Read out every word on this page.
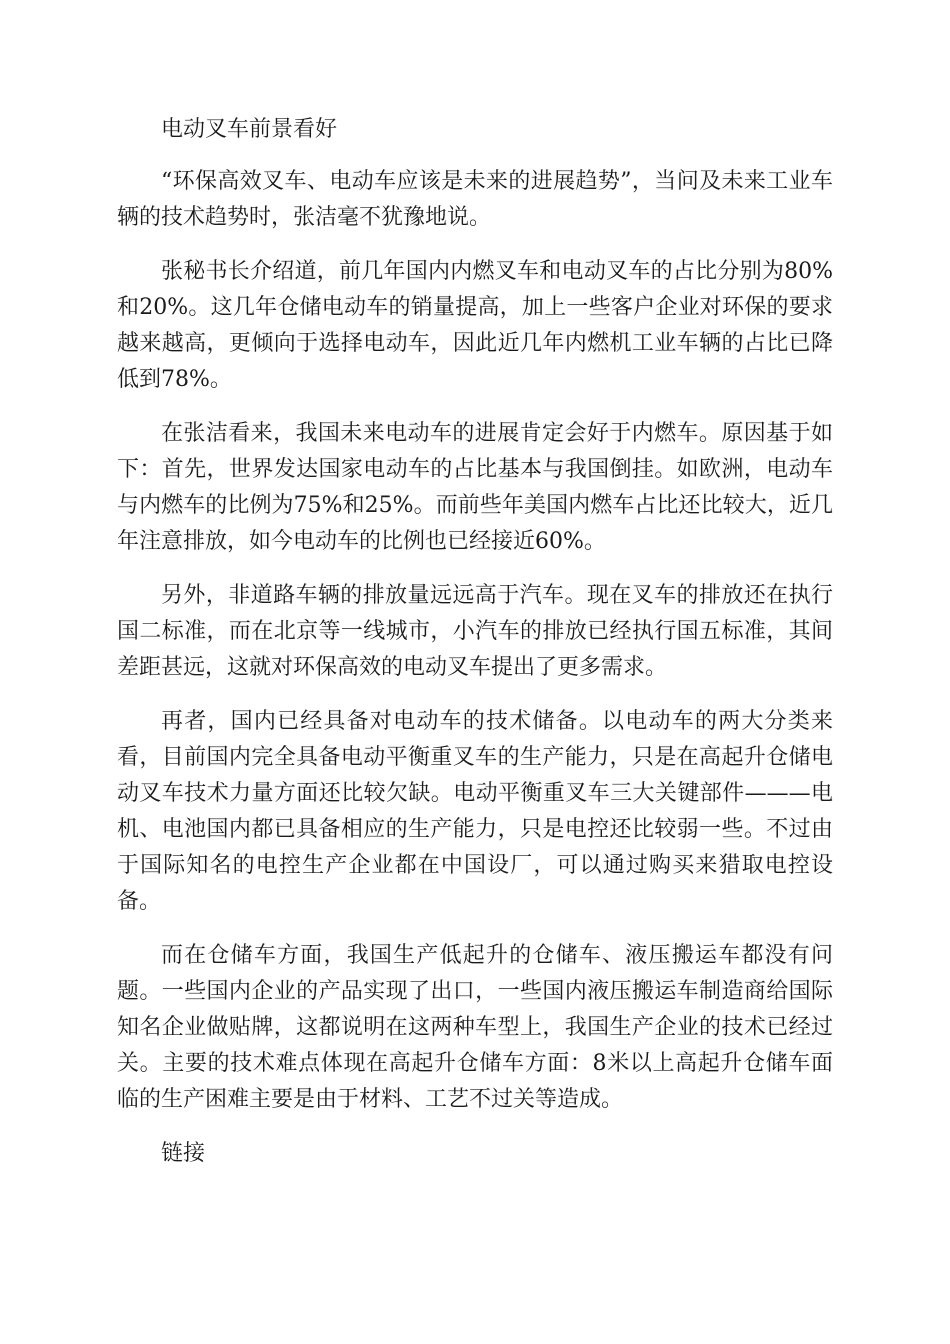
电动叉车前景看好

“环保高效叉车、电动车应该是未来的进展趋势”，当问及未来工业车辆的技术趋势时，张洁毫不犹豫地说。

张秘书长介绍道，前几年国内内燃叉车和电动叉车的占比分别为80%和20%。这几年仓储电动车的销量提高，加上一些客户企业对环保的要求越来越高，更倾向于选择电动车，因此近几年内燃机工业车辆的占比已降低到78%。

在张洁看来，我国未来电动车的进展肯定会好于内燃车。原因基于如下：首先，世界发达国家电动车的占比基本与我国倒挂。如欧洲，电动车与内燃车的比例为75%和25%。而前些年美国内燃车占比还比较大，近几年注意排放，如今电动车的比例也已经接近60%。

另外，非道路车辆的排放量远远高于汽车。现在叉车的排放还在执行国二标准，而在北京等一线城市，小汽车的排放已经执行国五标准，其间差距甚远，这就对环保高效的电动叉车提出了更多需求。

再者，国内已经具备对电动车的技术储备。以电动车的两大分类来看，目前国内完全具备电动平衡重叉车的生产能力，只是在高起升仓储电动叉车技术力量方面还比较欠缺。电动平衡重叉车三大关键部件———电机、电池国内都已具备相应的生产能力，只是电控还比较弱一些。不过由于国际知名的电控生产企业都在中国设厂，可以通过购买来猎取电控设备。

而在仓储车方面，我国生产低起升的仓储车、液压搬运车都没有问题。一些国内企业的产品实现了出口，一些国内液压搬运车制造商给国际知名企业做贴牌，这都说明在这两种车型上，我国生产企业的技术已经过关。主要的技术难点体现在高起升仓储车方面：8米以上高起升仓储车面临的生产困难主要是由于材料、工艺不过关等造成。

链接
